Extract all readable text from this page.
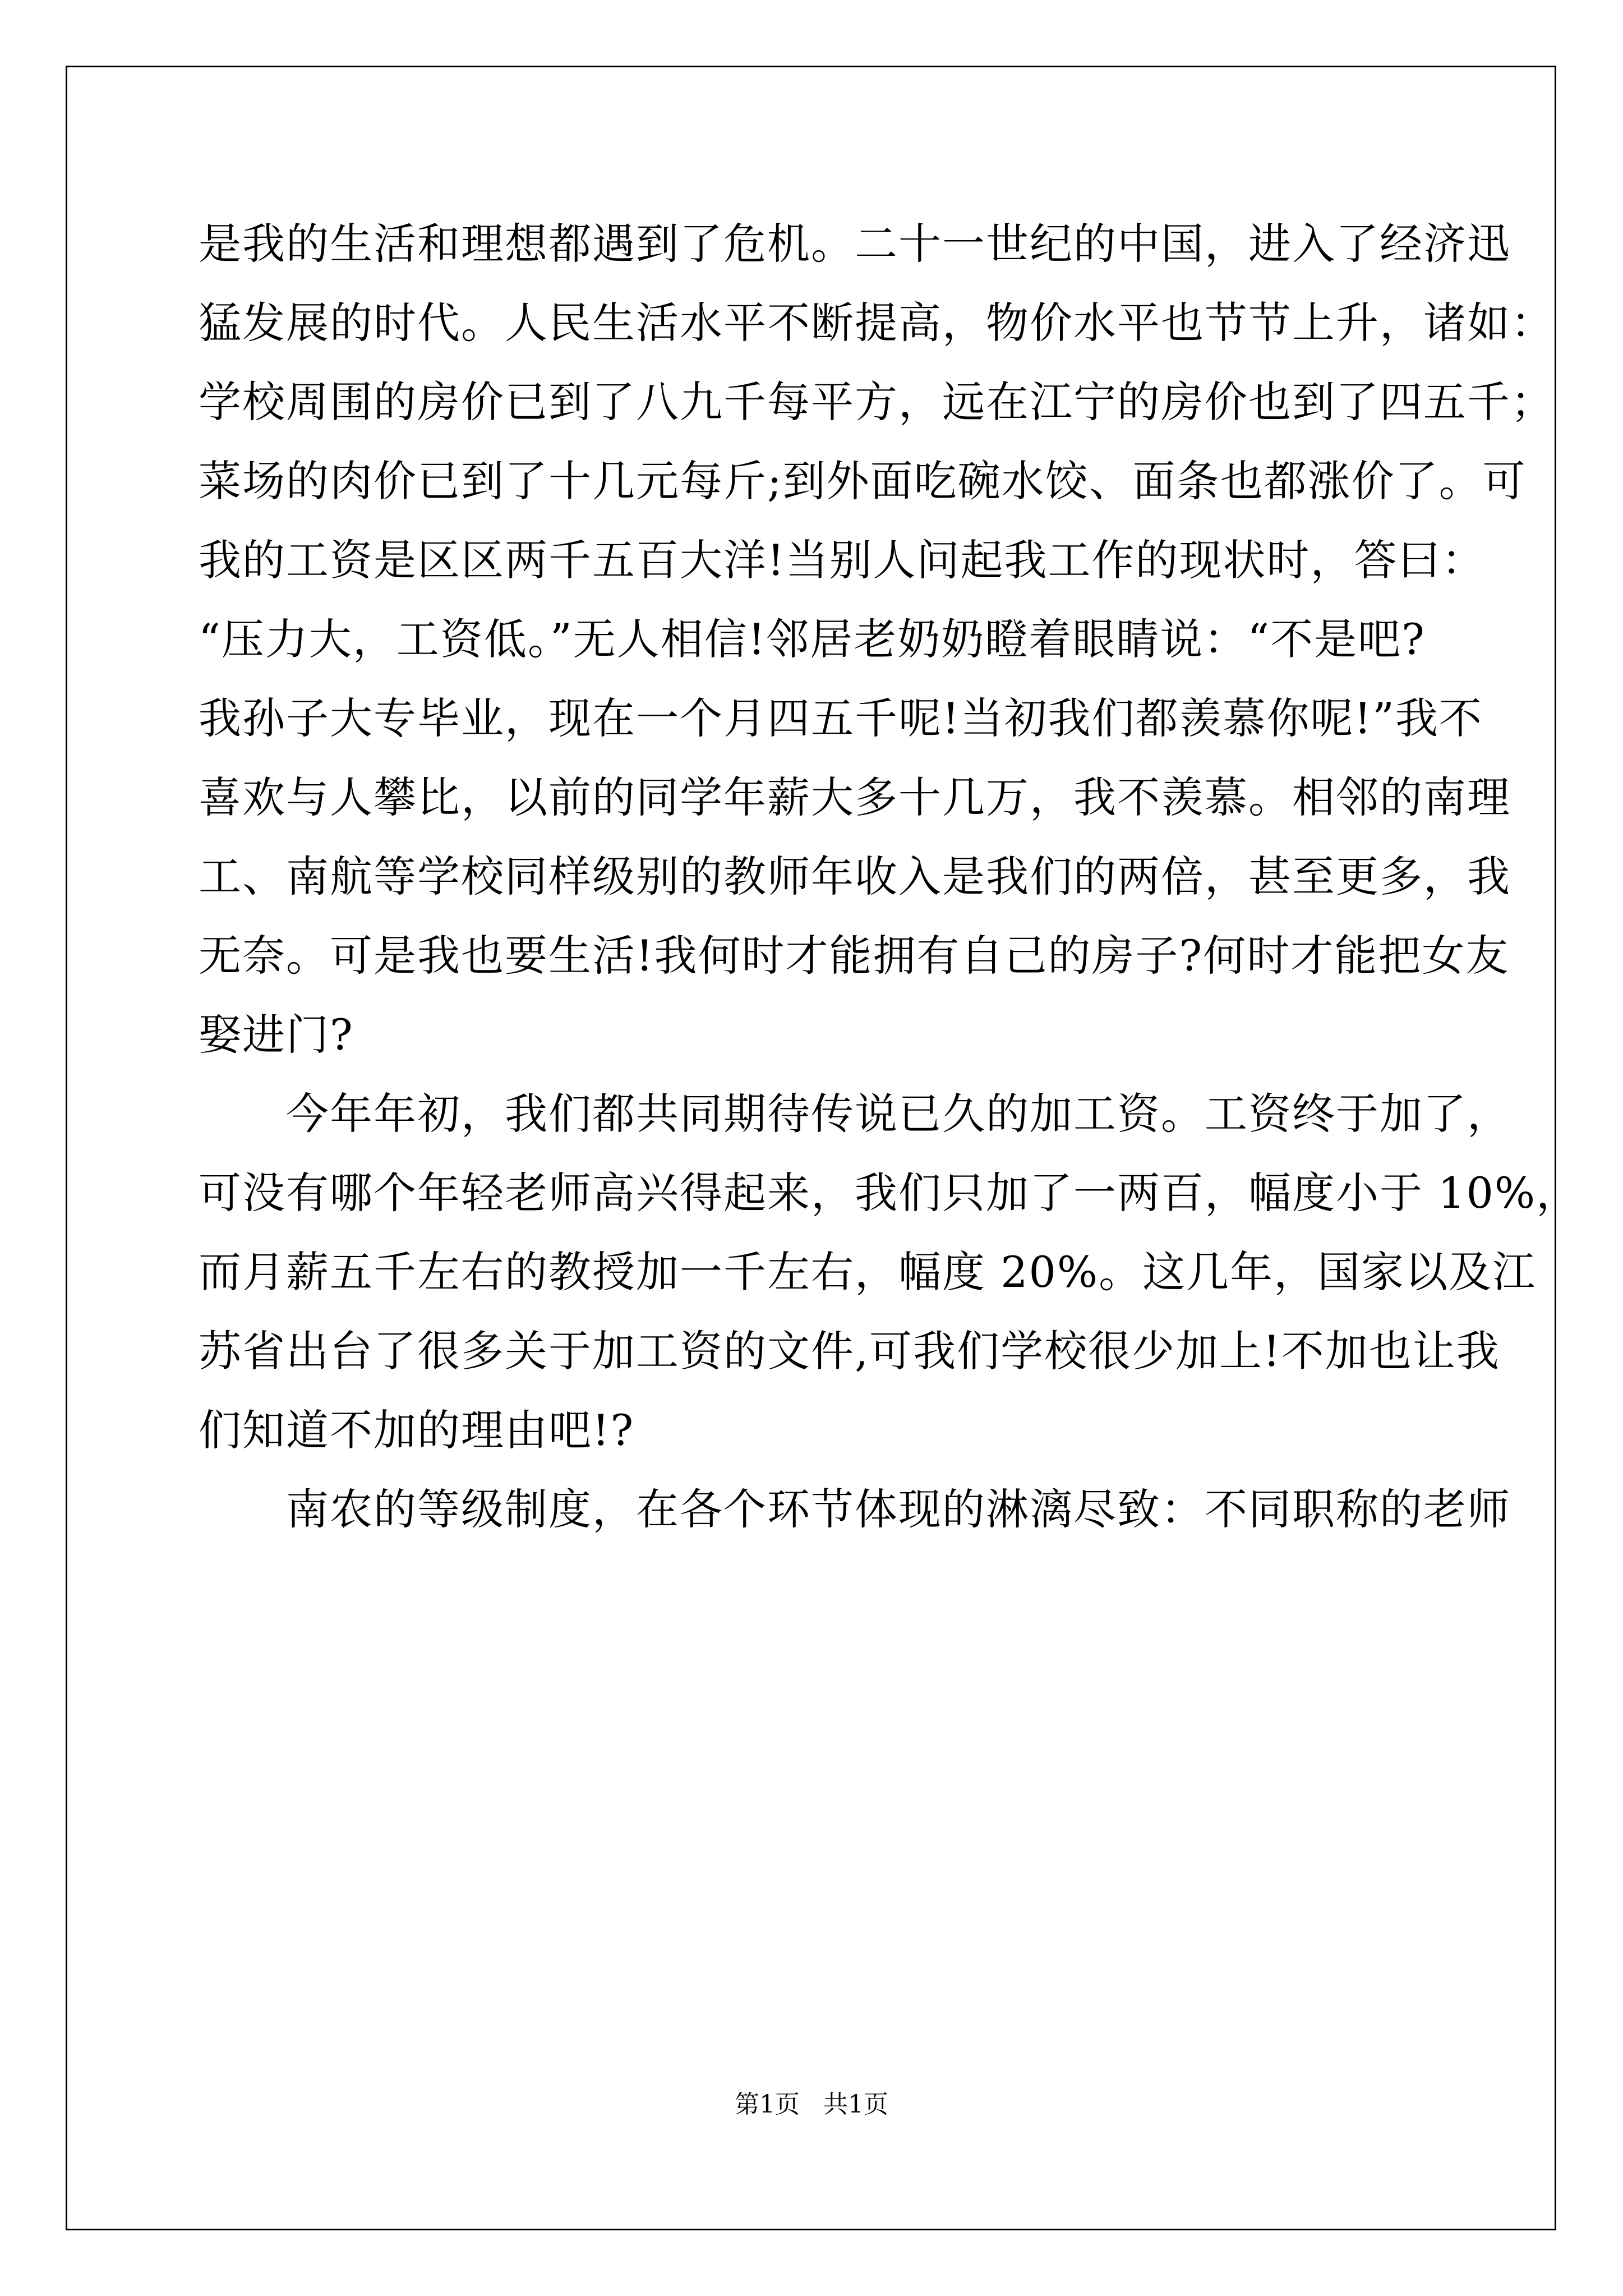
是我的生活和理想都遇到了危机。二十一世纪的中国，进入了经济迅
猛发展的时代。人民生活水平不断提高，物价水平也节节上升，诸如：
学校周围的房价已到了八九千每平方，远在江宁的房价也到了四五千；
菜场的肉价已到了十几元每斤;到外面吃碗水饺、面条也都涨价了。可
我的工资是区区两千五百大洋!当别人问起我工作的现状时，答曰：
“压力大，工资低。”无人相信!邻居老奶奶瞪着眼睛说：“不是吧?
我孙子大专毕业，现在一个月四五千呢!当初我们都羡慕你呢!”我不
喜欢与人攀比，以前的同学年薪大多十几万，我不羡慕。相邻的南理
工、南航等学校同样级别的教师年收入是我们的两倍，甚至更多，我
无奈。可是我也要生活!我何时才能拥有自己的房子?何时才能把女友
娶进门?
今年年初，我们都共同期待传说已久的加工资。工资终于加了，
可没有哪个年轻老师高兴得起来，我们只加了一两百，幅度小于 10%，
而月薪五千左右的教授加一千左右，幅度 20%。这几年，国家以及江
苏省出台了很多关于加工资的文件,可我们学校很少加上!不加也让我
们知道不加的理由吧!?
南农的等级制度，在各个环节体现的淋漓尽致：不同职称的老师
第1页   共1页
